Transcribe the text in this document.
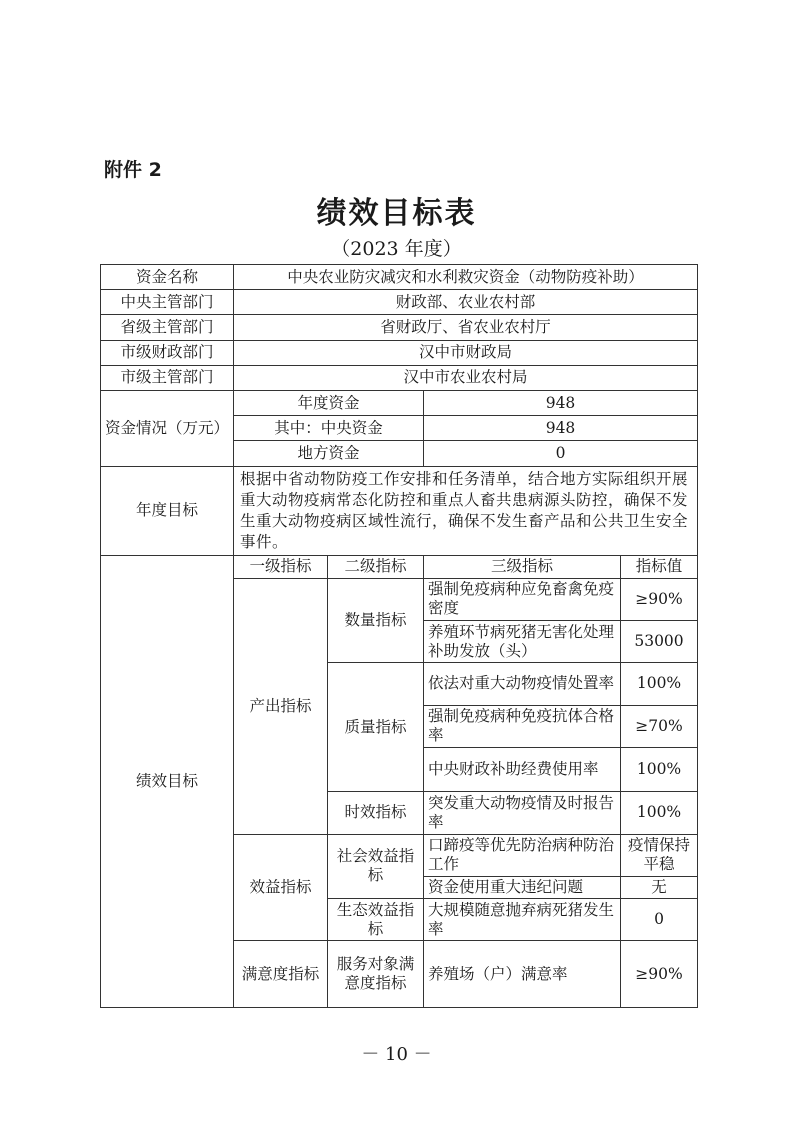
附件 2
绩效目标表
（2023 年度）
资金名称	中央农业防灾减灾和水利救灾资金（动物防疫补助）			
中央主管部门	财政部、农业农村部			
省级主管部门	省财政厅、省农业农村厅			
市级财政部门	汉中市财政局			
市级主管部门	汉中市农业农村局			
资金情况（万元）	年度资金		948	
	其中：中央资金		948	
	地方资金		0	
年度目标	根据中省动物防疫工作安排和任务清单，结合地方实际组织开展重大动物疫病常态化防控和重点人畜共患病源头防控，确保不发生重大动物疫病区域性流行，确保不发生畜产品和公共卫生安全事件。			
绩效目标	一级指标	二级指标	三级指标	指标值
	产出指标	数量指标	强制免疫病种应免畜禽免疫密度	≥90%
			养殖环节病死猪无害化处理补助发放（头）	53000
		质量指标	依法对重大动物疫情处置率	100%
			强制免疫病种免疫抗体合格率	≥70%
			中央财政补助经费使用率	100%
		时效指标	突发重大动物疫情及时报告率	100%
	效益指标	社会效益指标	口蹄疫等优先防治病种防治工作	疫情保持平稳
			资金使用重大违纪问题	无
		生态效益指标	大规模随意抛弃病死猪发生率	0
	满意度指标	服务对象满意度指标	养殖场（户）满意率	≥90%
－ 10 －
